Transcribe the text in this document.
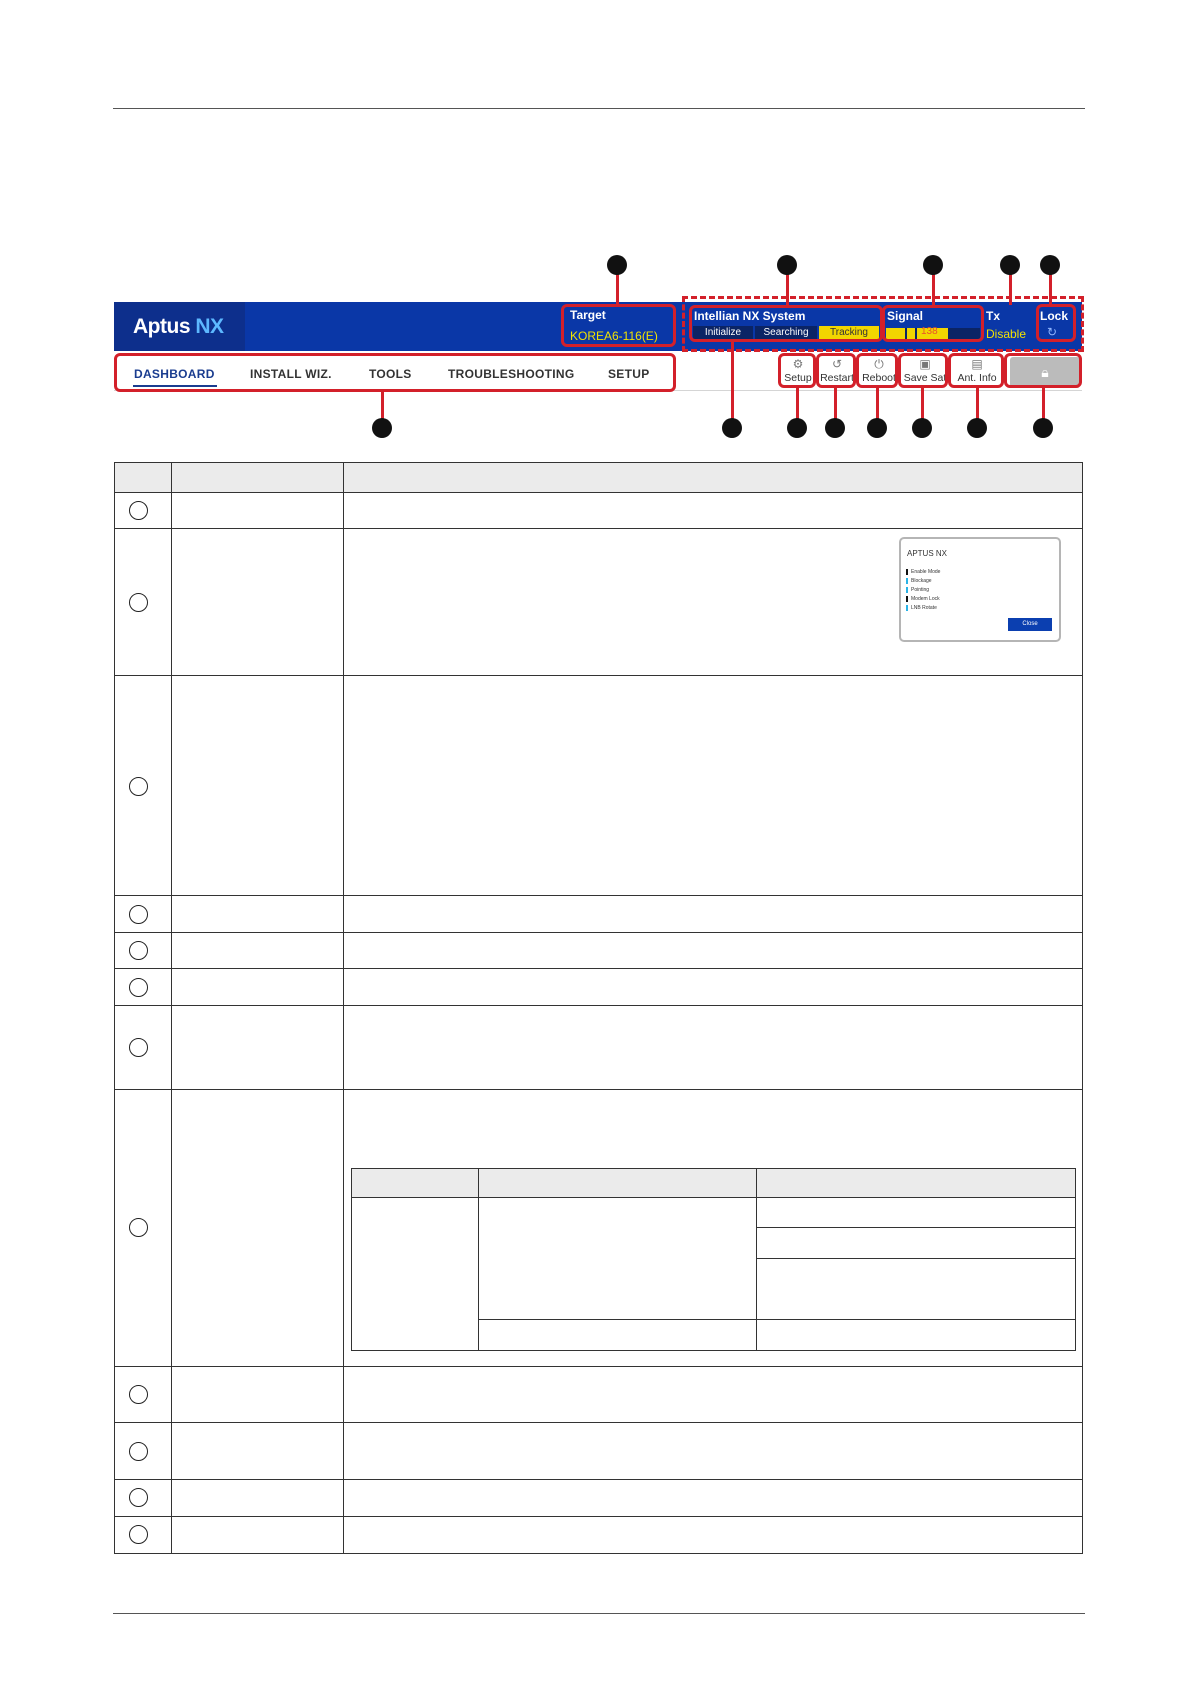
Aptus NX	Target
KOREA6-116(E)
Intellian NX System
Initialize	Searching	Tracking
Signal
138
Tx
Disable
Lock
↻
DASHBOARD	INSTALL WIZ.	TOOLS	TROUBLESHOOTING	SETUP
⚙
Setup
↺
Restart
⏻
Reboot
▣
Save Sat
▤
Ant. Info	🔒︎
APTUS NX
Enable Mode
Blockage
Pointing
Modem Lock
LNB Rotate
Close
